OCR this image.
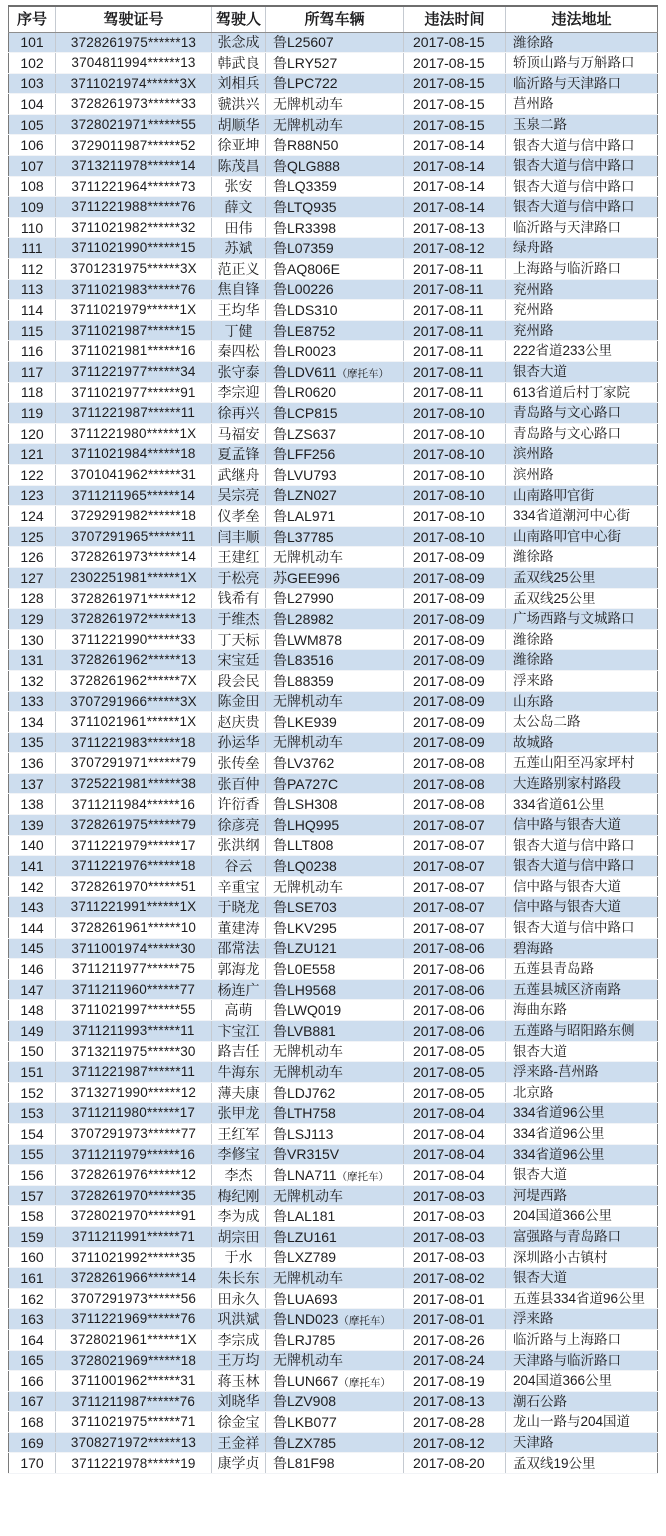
序号	驾驶证号	驾驶人	所驾车辆	违法时间	违法地址
101	3728261975******13	张念成	鲁L25607	2017-08-15	潍徐路
102	3704811994******13	韩武良	鲁LRY527	2017-08-15	轿顶山路与万斛路口
103	3711021974******3X	刘相兵	鲁LPC722	2017-08-15	临沂路与天津路口
104	3728261973******33	虢洪兴	无牌机动车	2017-08-15	莒州路
105	3728021971******55	胡顺华	无牌机动车	2017-08-15	玉泉二路
106	3729011987******52	徐亚坤	鲁R88N50	2017-08-14	银杏大道与信中路口
107	3713211978******14	陈茂昌	鲁QLG888	2017-08-14	银杏大道与信中路口
108	3711221964******73	张安	鲁LQ3359	2017-08-14	银杏大道与信中路口
109	3711221988******76	薛文	鲁LTQ935	2017-08-14	银杏大道与信中路口
110	3711021982******32	田伟	鲁LR3398	2017-08-13	临沂路与天津路口
111	3711021990******15	苏斌	鲁L07359	2017-08-12	绿舟路
112	3701231975******3X	范正义	鲁AQ806E	2017-08-11	上海路与临沂路口
113	3711021983******76	焦自锋	鲁L00226	2017-08-11	兖州路
114	3711021979******1X	王均华	鲁LDS310	2017-08-11	兖州路
115	3711021987******15	丁健	鲁LE8752	2017-08-11	兖州路
116	3711021981******16	秦四松	鲁LR0023	2017-08-11	222省道233公里
117	3711221977******34	张守泰	鲁LDV611（摩托车）	2017-08-11	银杏大道
118	3711021977******91	李宗迎	鲁LR0620	2017-08-11	613省道后村丁家院
119	3711221987******11	徐再兴	鲁LCP815	2017-08-10	青岛路与文心路口
120	3711221980******1X	马福安	鲁LZS637	2017-08-10	青岛路与文心路口
121	3711021984******18	夏孟锋	鲁LFF256	2017-08-10	滨州路
122	3701041962******31	武继舟	鲁LVU793	2017-08-10	滨州路
123	3711211965******14	吴宗亮	鲁LZN027	2017-08-10	山南路叩官街
124	3729291982******18	仪孝垒	鲁LAL971	2017-08-10	334省道潮河中心街
125	3707291965******11	闫丰顺	鲁L37785	2017-08-10	山南路叩官中心街
126	3728261973******14	王建红	无牌机动车	2017-08-09	潍徐路
127	2302251981******1X	于松亮	苏GEE996	2017-08-09	孟双线25公里
128	3728261971******12	钱希有	鲁L27990	2017-08-09	孟双线25公里
129	3728261972******13	于维杰	鲁L28982	2017-08-09	广场西路与文城路口
130	3711221990******33	丁天标	鲁LWM878	2017-08-09	潍徐路
131	3728261962******13	宋宝廷	鲁L83516	2017-08-09	潍徐路
132	3728261962******7X	段会民	鲁L88359	2017-08-09	浮来路
133	3707291966******3X	陈金田	无牌机动车	2017-08-09	山东路
134	3711021961******1X	赵庆贵	鲁LKE939	2017-08-09	太公岛二路
135	3711221983******18	孙运华	无牌机动车	2017-08-09	故城路
136	3707291971******79	张传垒	鲁LV3762	2017-08-08	五莲山阳至冯家坪村
137	3725221981******38	张百仲	鲁PA727C	2017-08-08	大连路别家村路段
138	3711211984******16	许衍香	鲁LSH308	2017-08-08	334省道61公里
139	3728261975******79	徐彦亮	鲁LHQ995	2017-08-07	信中路与银杏大道
140	3711221979******17	张洪纲	鲁LLT808	2017-08-07	银杏大道与信中路口
141	3711221976******18	谷云	鲁LQ0238	2017-08-07	银杏大道与信中路口
142	3728261970******51	辛重宝	无牌机动车	2017-08-07	信中路与银杏大道
143	3711221991******1X	于晓龙	鲁LSE703	2017-08-07	信中路与银杏大道
144	3728261961******10	董建涛	鲁LKV295	2017-08-07	银杏大道与信中路口
145	3711001974******30	邵常法	鲁LZU121	2017-08-06	碧海路
146	3711211977******75	郭海龙	鲁L0E558	2017-08-06	五莲县青岛路
147	3711211960******77	杨连广	鲁LH9568	2017-08-06	五莲县城区济南路
148	3711021997******55	高萌	鲁LWQ019	2017-08-06	海曲东路
149	3711211993******11	卞宝江	鲁LVB881	2017-08-06	五莲路与昭阳路东侧
150	3713211975******30	路吉任	无牌机动车	2017-08-05	银杏大道
151	3711221987******11	牛海东	无牌机动车	2017-08-05	浮来路-莒州路
152	3713271990******12	薄夫康	鲁LDJ762	2017-08-05	北京路
153	3711211980******17	张甲龙	鲁LTH758	2017-08-04	334省道96公里
154	3707291973******77	王红军	鲁LSJ113	2017-08-04	334省道96公里
155	3711211979******16	李修宝	鲁VR315V	2017-08-04	334省道96公里
156	3728261976******12	李杰	鲁LNA711（摩托车）	2017-08-04	银杏大道
157	3728261970******35	梅纪刚	无牌机动车	2017-08-03	河堤西路
158	3728021970******91	李为成	鲁LAL181	2017-08-03	204国道366公里
159	3711211991******71	胡宗田	鲁LZU161	2017-08-03	富强路与青岛路口
160	3711021992******35	于水	鲁LXZ789	2017-08-03	深圳路小古镇村
161	3728261966******14	朱长东	无牌机动车	2017-08-02	银杏大道
162	3707291973******56	田永久	鲁LUA693	2017-08-01	五莲县334省道96公里
163	3711221969******76	巩洪斌	鲁LND023（摩托车）	2017-08-01	浮来路
164	3728021961******1X	李宗成	鲁LRJ785	2017-08-26	临沂路与上海路口
165	3728021969******18	王万均	无牌机动车	2017-08-24	天津路与临沂路口
166	3711001962******31	蒋玉林	鲁LUN667（摩托车）	2017-08-19	204国道366公里
167	3711211987******76	刘晓华	鲁LZV908	2017-08-13	潮石公路
168	3711021975******71	徐金宝	鲁LKB077	2017-08-28	龙山一路与204国道
169	3708271972******13	王金祥	鲁LZX785	2017-08-12	天津路
170	3711221978******19	康学贞	鲁L81F98	2017-08-20	孟双线19公里
